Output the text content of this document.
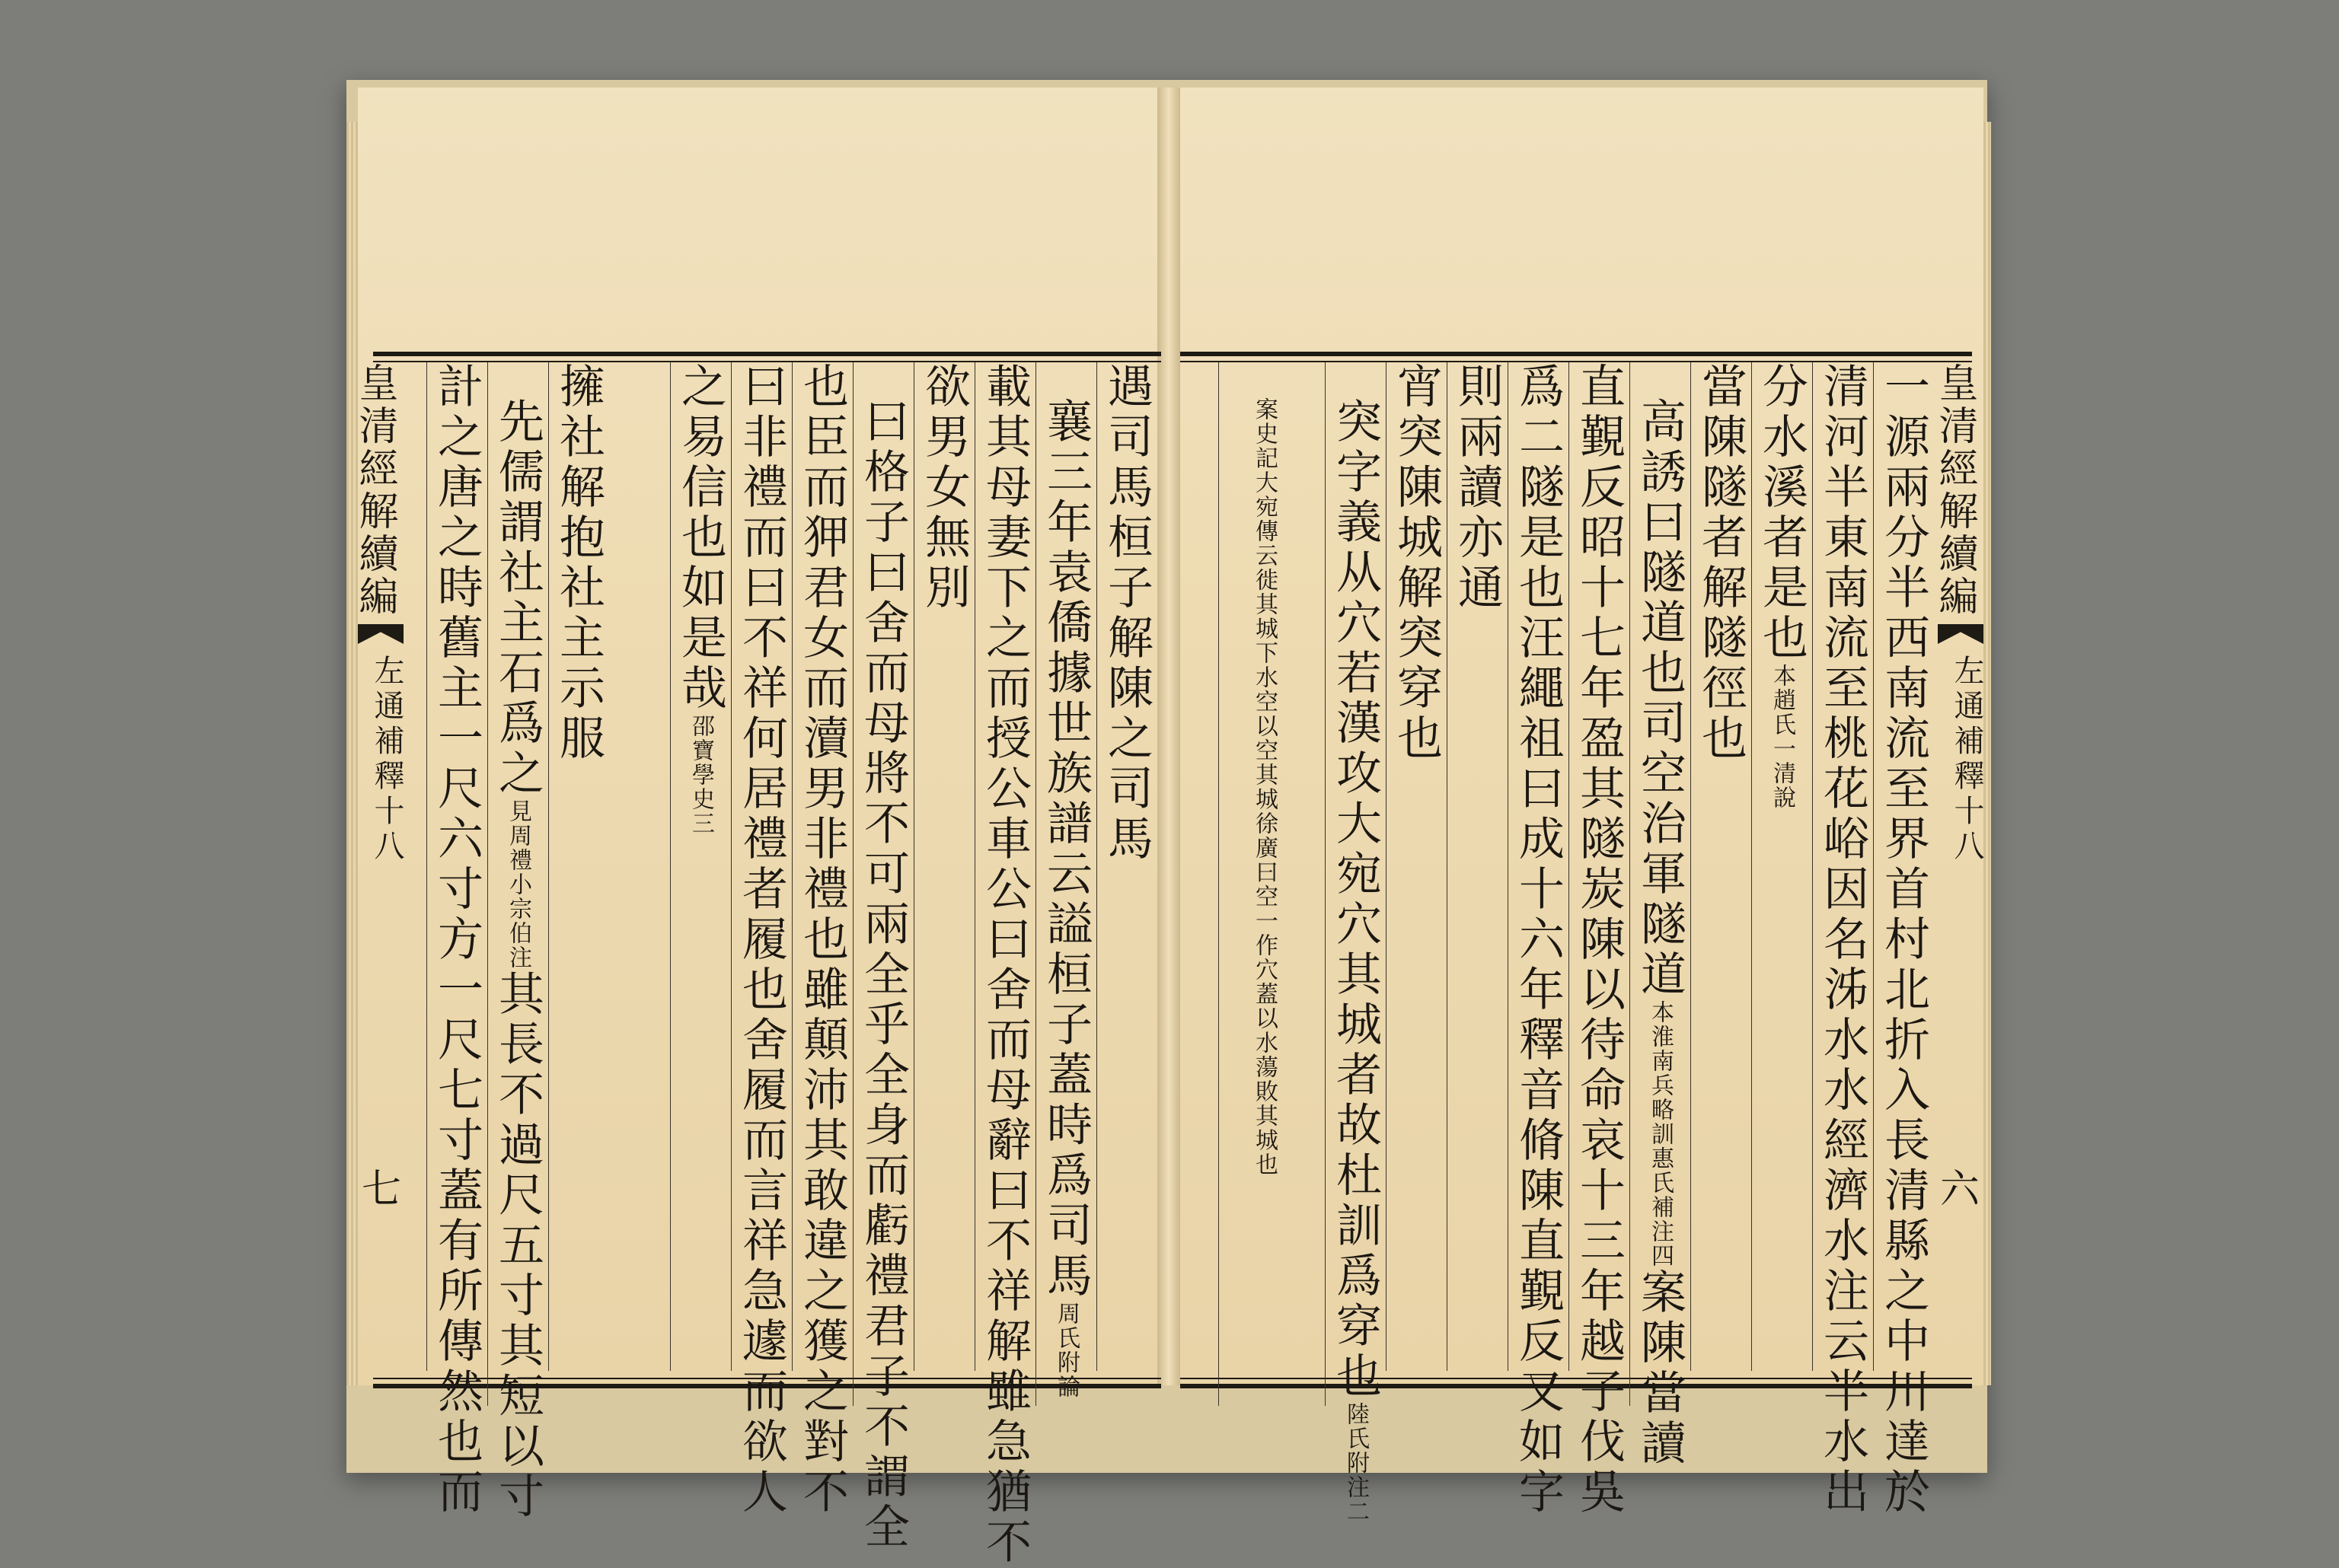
皇清經解續編
左通補釋十八
七
皇清經解續編
左通補釋十八
六
遇司馬桓子解陳之司馬
襄三年袁僑據世族譜云謚桓子蓋時爲司馬周氏附論
載其母妻下之而授公車公曰舍而母辭曰不祥解雖急猶不
欲男女無別
曰格子曰舍而母將不可兩全乎全身而虧禮君子不謂全
也臣而狎君女而瀆男非禮也雖顛沛其敢違之獲之對不
曰非禮而曰不祥何居禮者履也舍履而言祥急遽而欲人
之易信也如是哉邵寶學史三
擁社解抱社主示服
先儒謂社主石爲之見周禮小宗伯注其長不過尺五寸其短以寸
計之唐之時舊主一尺六寸方一尺七寸蓋有所傳然也而	一源兩分半西南流至界首村北折入長清縣之中川達於
清河半東南流至桃花峪因名泲水水經濟水注云半水出
分水溪者是也本趙氏一清說
當陳隧者解隧徑也
高誘曰隧道也司空治軍隧道本淮南兵略訓惠氏補注四案陳當讀
直覲反昭十七年盈其隧炭陳以待命哀十三年越子伐吳
爲二隧是也汪繩祖曰成十六年釋音脩陳直覲反又如字
則兩讀亦通
宵突陳城解突穿也
突字義从穴若漢攻大宛穴其城者故杜訓爲穿也陸氏附注二
案史記大宛傳云徙其城下水空以空其城徐廣曰空一作穴蓋以水蕩敗其城也
